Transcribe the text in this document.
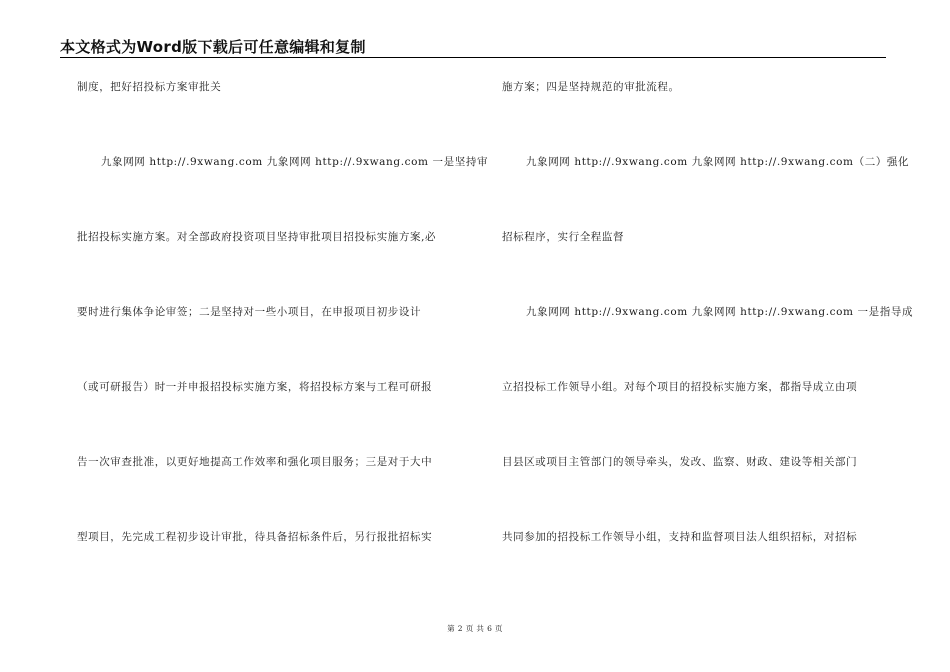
本文格式为Word版下载后可任意编辑和复制
制度，把好招投标方案审批关
九象网网 http://.9xwang.com 九象网网 http://.9xwang.com 一是坚持审
批招投标实施方案。对全部政府投资项目坚持审批项目招投标实施方案,必
要时进行集体争论审签；二是坚持对一些小项目，在申报项目初步设计
（或可研报告）时一并申报招投标实施方案，将招投标方案与工程可研报
告一次审查批准，以更好地提高工作效率和强化项目服务；三是对于大中
型项目，先完成工程初步设计审批，待具备招标条件后，另行报批招标实
施方案；四是坚持规范的审批流程。
九象网网 http://.9xwang.com 九象网网 http://.9xwang.com（二）强化
招标程序，实行全程监督
九象网网 http://.9xwang.com 九象网网 http://.9xwang.com 一是指导成
立招投标工作领导小组。对每个项目的招投标实施方案，都指导成立由项
目县区或项目主管部门的领导牵头，发改、监察、财政、建设等相关部门
共同参加的招投标工作领导小组，支持和监督项目法人组织招标，对招标
第 2 页 共 6 页
